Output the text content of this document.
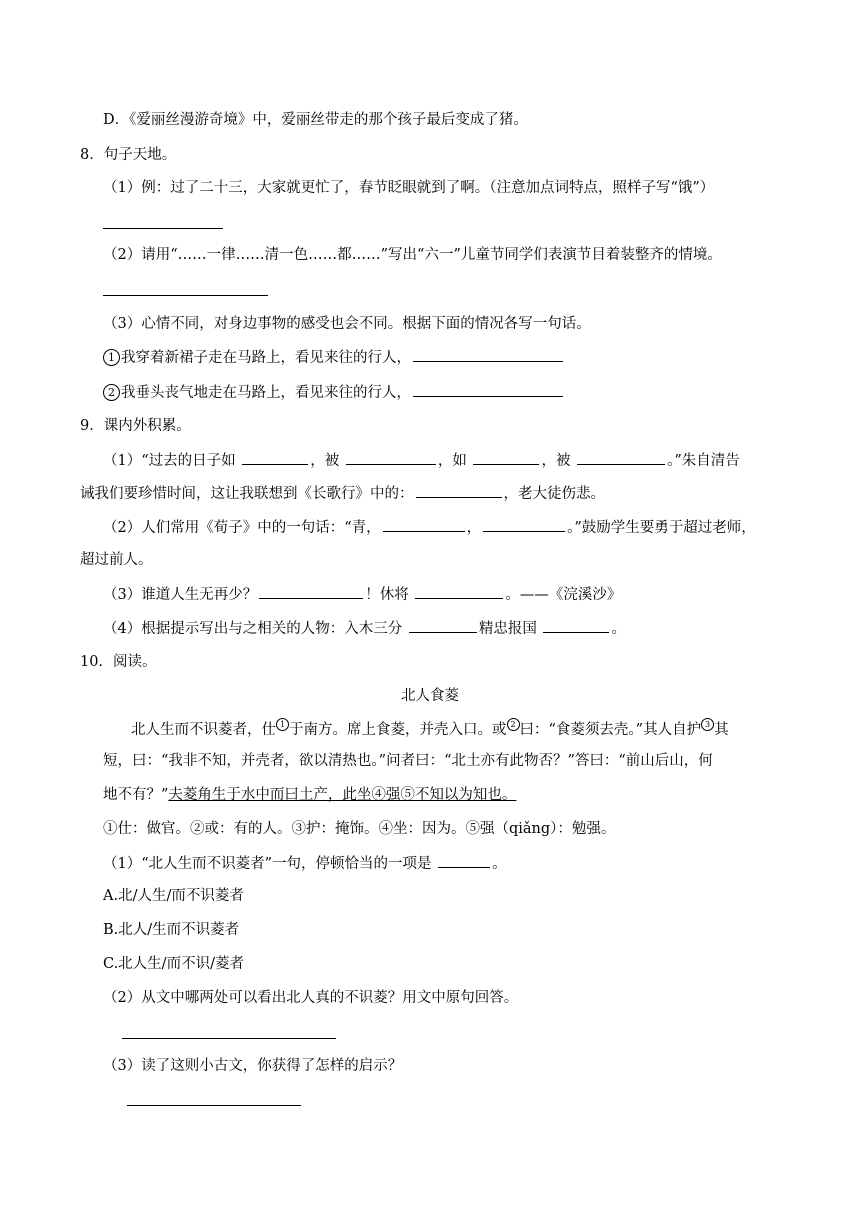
D．《爱丽丝漫游奇境》中，爱丽丝带走的那个孩子最后变成了猪。
8．句子天地。
（1）例：过了二十三，大家就更忙了，春节眨眼就到了啊。（注意加点词特点，照样子写“饿”）
（2）请用“……一律……清一色……都……”写出“六一”儿童节同学们表演节目着装整齐的情境。
（3）心情不同，对身边事物的感受也会不同。根据下面的情况各写一句话。
1 我穿着新裙子走在马路上，看见来往的行人，
2 我垂头丧气地走在马路上，看见来往的行人，
9．课内外积累。
（1）“过去的日子如	，被	，如	，被	。”朱自清告
诫我们要珍惜时间，这让我联想到《长歌行》中的：	，老大徒伤悲。
（2）人们常用《荀子》中的一句话：“青，	，	。”鼓励学生要勇于超过老师，
超过前人。
（3）谁道人生无再少？	！休将	。——《浣溪沙》
（4）根据提示写出与之相关的人物：入木三分	精忠报国	。
10．阅读。
北人食菱
北人生而不识菱者，仕 1 于南方。席上食菱，并壳入口。或 2 曰：“食菱须去壳。”其人自护 3 其
短，曰：“我非不知，并壳者，欲以清热也。”问者曰：“北土亦有此物否？”答曰：“前山后山，何
地不有？”夫菱角生于水中而曰土产，此坐④强⑤不知以为知也。
①仕：做官。②或：有的人。③护：掩饰。④坐：因为。⑤强（qiǎng）：勉强。
（1）“北人生而不识菱者”一句，停顿恰当的一项是	。
A.北/人生/而不识菱者
B.北人/生而不识菱者
C.北人生/而不识/菱者
（2）从文中哪两处可以看出北人真的不识菱？用文中原句回答。
（3）读了这则小古文，你获得了怎样的启示？
